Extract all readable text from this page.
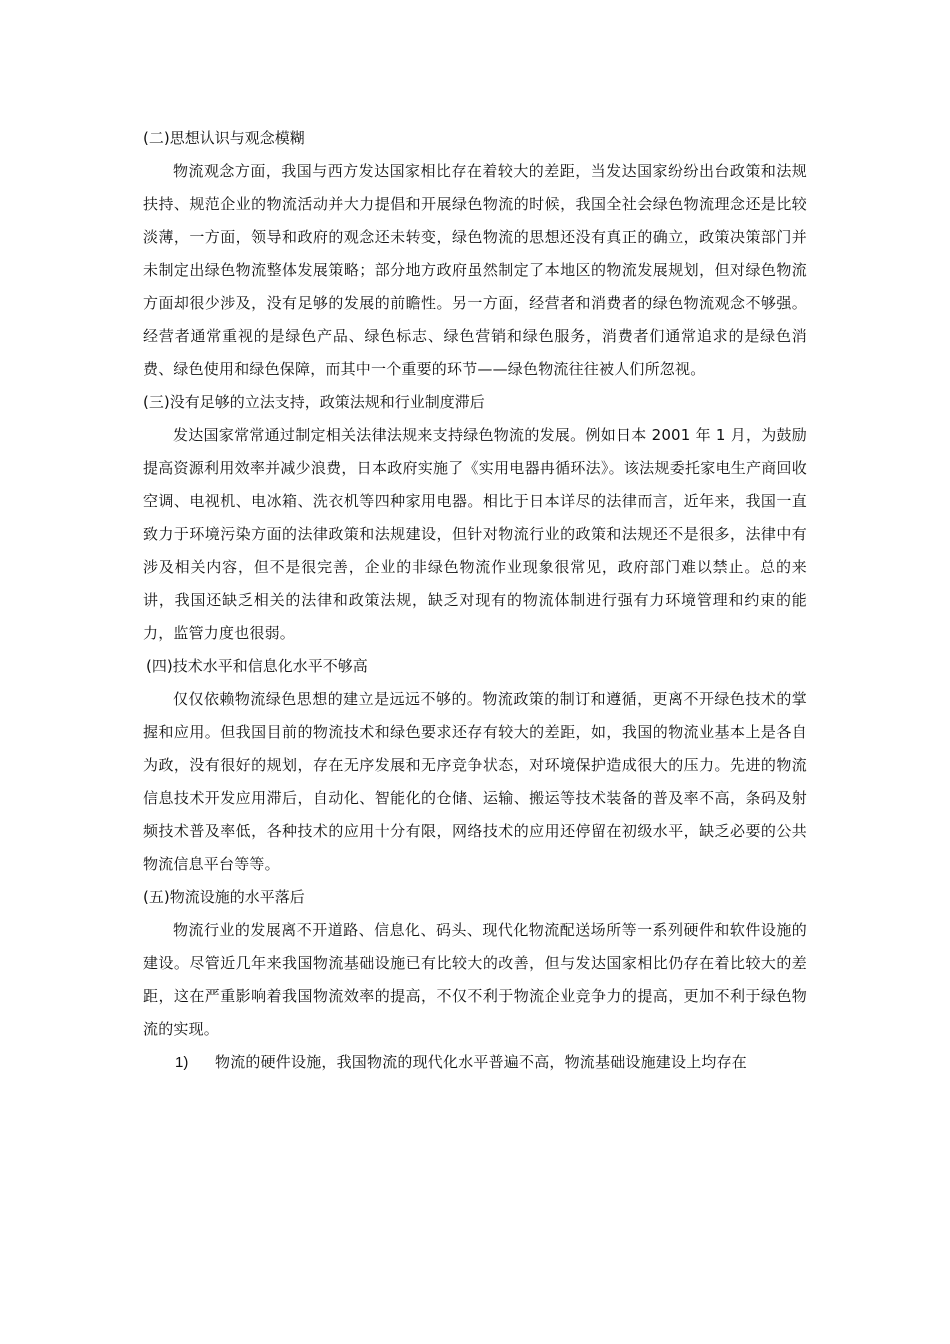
(二)思想认识与观念模糊

物流观念方面，我国与西方发达国家相比存在着较大的差距，当发达国家纷纷出台政策和法规扶持、规范企业的物流活动并大力提倡和开展绿色物流的时候，我国全社会绿色物流理念还是比较淡薄，一方面，领导和政府的观念还未转变，绿色物流的思想还没有真正的确立，政策决策部门并未制定出绿色物流整体发展策略；部分地方政府虽然制定了本地区的物流发展规划，但对绿色物流方面却很少涉及，没有足够的发展的前瞻性。另一方面，经营者和消费者的绿色物流观念不够强。经营者通常重视的是绿色产品、绿色标志、绿色营销和绿色服务，消费者们通常追求的是绿色消费、绿色使用和绿色保障，而其中一个重要的环节——绿色物流往往被人们所忽视。

(三)没有足够的立法支持，政策法规和行业制度滞后

发达国家常常通过制定相关法律法规来支持绿色物流的发展。例如日本 2001 年 1 月，为鼓励提高资源利用效率并减少浪费，日本政府实施了《实用电器冉循环法》。该法规委托家电生产商回收空调、电视机、电冰箱、洗衣机等四种家用电器。相比于日本详尽的法律而言，近年来，我国一直致力于环境污染方面的法律政策和法规建设，但针对物流行业的政策和法规还不是很多，法律中有涉及相关内容，但不是很完善，企业的非绿色物流作业现象很常见，政府部门难以禁止。总的来讲，我国还缺乏相关的法律和政策法规，缺乏对现有的物流体制进行强有力环境管理和约束的能力，监管力度也很弱。

(四)技术水平和信息化水平不够高

仅仅依赖物流绿色思想的建立是远远不够的。物流政策的制订和遵循，更离不开绿色技术的掌握和应用。但我国目前的物流技术和绿色要求还存有较大的差距，如，我国的物流业基本上是各自为政，没有很好的规划，存在无序发展和无序竞争状态，对环境保护造成很大的压力。先进的物流信息技术开发应用滞后，自动化、智能化的仓储、运输、搬运等技术装备的普及率不高，条码及射频技术普及率低，各种技术的应用十分有限，网络技术的应用还停留在初级水平，缺乏必要的公共物流信息平台等等。

(五)物流设施的水平落后

物流行业的发展离不开道路、信息化、码头、现代化物流配送场所等一系列硬件和软件设施的建设。尽管近几年来我国物流基础设施已有比较大的改善，但与发达国家相比仍存在着比较大的差距，这在严重影响着我国物流效率的提高，不仅不利于物流企业竞争力的提高，更加不利于绿色物流的实现。

1) 物流的硬件设施，我国物流的现代化水平普遍不高，物流基础设施建设上均存在
